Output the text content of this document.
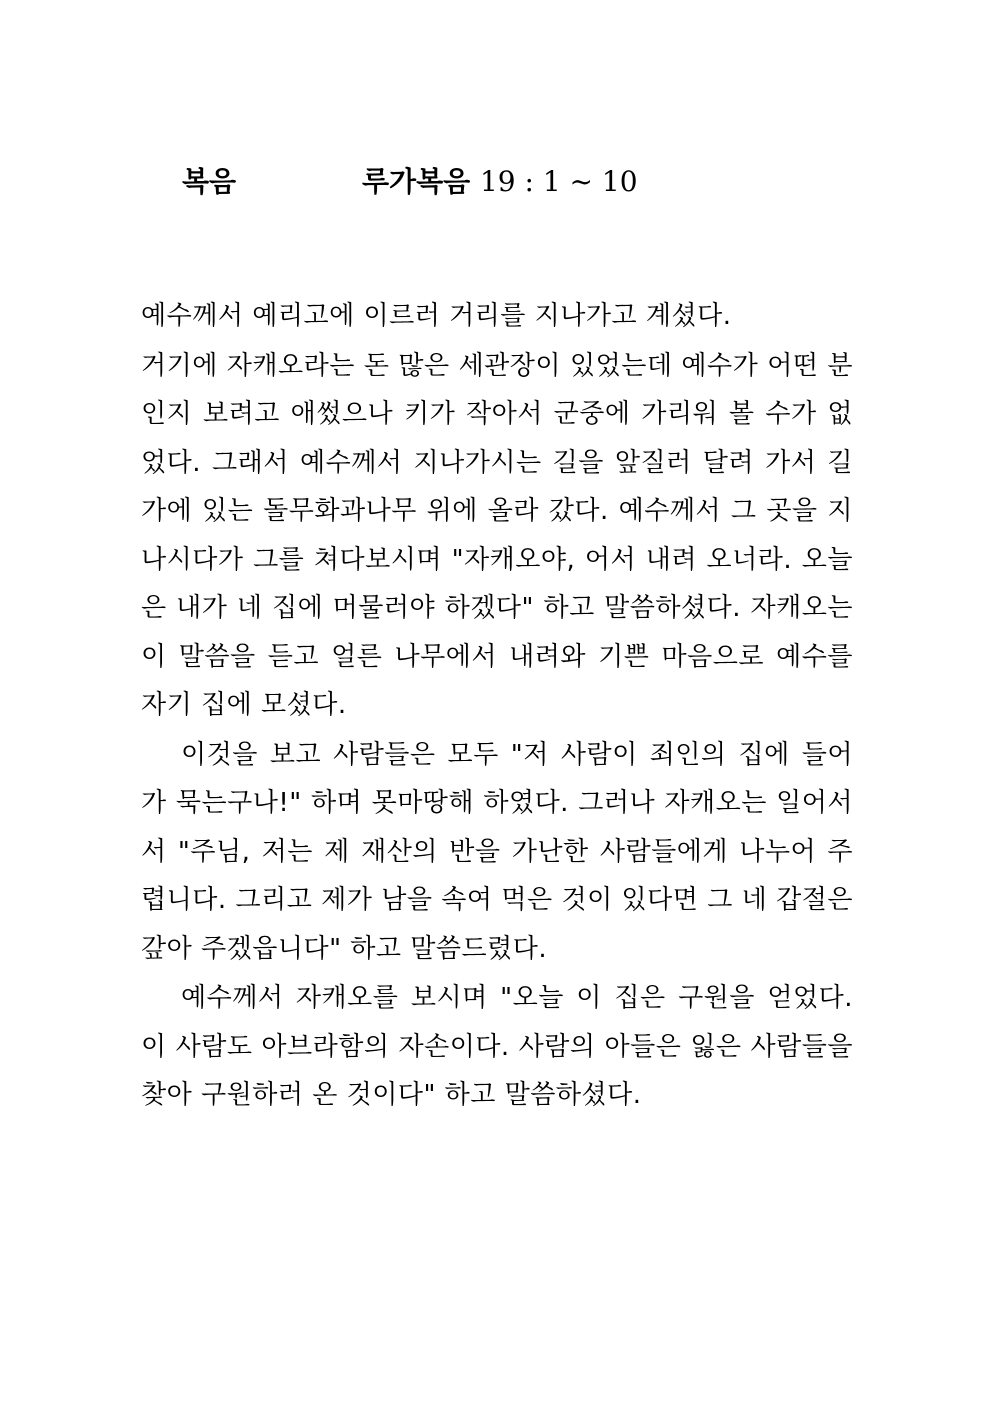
복음	루가복음 19 : 1 ~ 10

예수께서 예리고에 이르러 거리를 지나가고 계셨다.

거기에 자캐오라는 돈 많은 세관장이 있었는데 예수가 어떤 분인지 보려고 애썼으나 키가 작아서 군중에 가리워 볼 수가 없었다. 그래서 예수께서 지나가시는 길을 앞질러 달려 가서 길가에 있는 돌무화과나무 위에 올라 갔다. 예수께서 그 곳을 지나시다가 그를 쳐다보시며 "자캐오야, 어서 내려 오너라. 오늘은 내가 네 집에 머물러야 하겠다" 하고 말씀하셨다. 자캐오는 이 말씀을 듣고 얼른 나무에서 내려와 기쁜 마음으로 예수를 자기 집에 모셨다.

이것을 보고 사람들은 모두 "저 사람이 죄인의 집에 들어 가 묵는구나!" 하며 못마땅해 하였다. 그러나 자캐오는 일어서서 "주님, 저는 제 재산의 반을 가난한 사람들에게 나누어 주렵니다. 그리고 제가 남을 속여 먹은 것이 있다면 그 네 갑절은 갚아 주겠읍니다" 하고 말씀드렸다.

예수께서 자캐오를 보시며 "오늘 이 집은 구원을 얻었다. 이 사람도 아브라함의 자손이다. 사람의 아들은 잃은 사람들을 찾아 구원하러 온 것이다" 하고 말씀하셨다.
